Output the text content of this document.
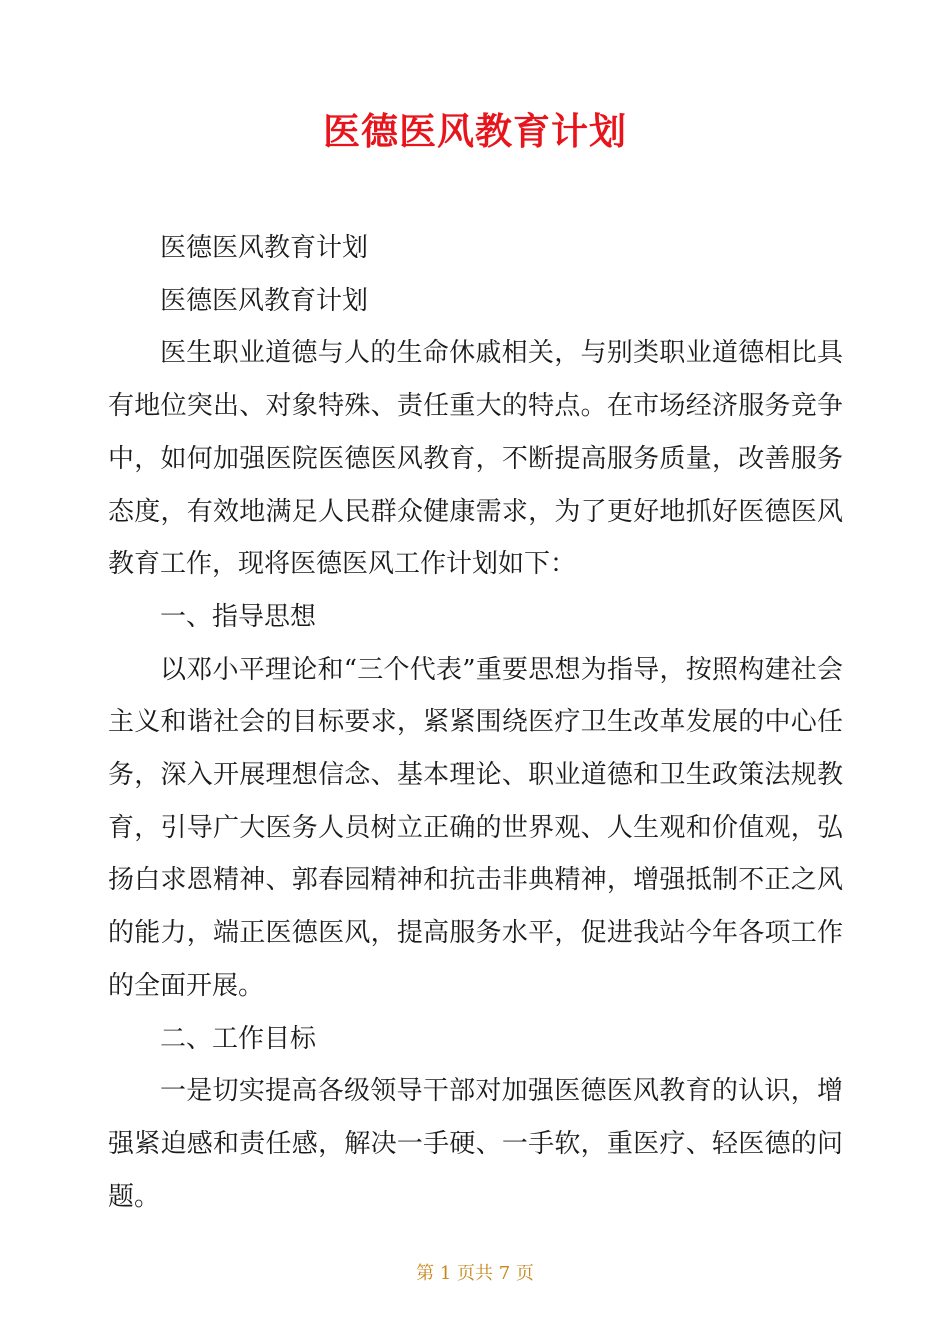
医德医风教育计划

医德医风教育计划

医德医风教育计划

医生职业道德与人的生命休戚相关，与别类职业道德相比具有地位突出、对象特殊、责任重大的特点。在市场经济服务竞争中，如何加强医院医德医风教育，不断提高服务质量，改善服务态度，有效地满足人民群众健康需求，为了更好地抓好医德医风教育工作，现将医德医风工作计划如下：

一、指导思想

以邓小平理论和“三个代表”重要思想为指导，按照构建社会主义和谐社会的目标要求，紧紧围绕医疗卫生改革发展的中心任务，深入开展理想信念、基本理论、职业道德和卫生政策法规教育，引导广大医务人员树立正确的世界观、人生观和价值观，弘扬白求恩精神、郭春园精神和抗击非典精神，增强抵制不正之风的能力，端正医德医风，提高服务水平，促进我站今年各项工作的全面开展。

二、工作目标

一是切实提高各级领导干部对加强医德医风教育的认识，增强紧迫感和责任感，解决一手硬、一手软，重医疗、轻医德的问题。

第 1 页共 7 页
